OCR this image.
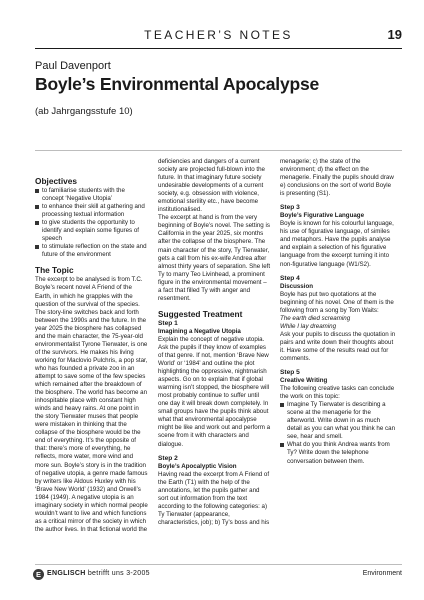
TEACHER’S NOTES	19
Paul Davenport
Boyle’s Environmental Apocalypse
(ab Jahrgangsstufe 10)
Objectives
to familiarise students with the concept ‘Negative Utopia’
to enhance their skill at gathering and processing textual information
to give students the opportunity to identify and explain some figures of speech
to stimulate reflection on the state and future of the environment
The Topic

The excerpt to be analysed is from T.C. Boyle’s recent novel A Friend of the Earth, in which he grapples with the question of the survival of the species. The story-line switches back and forth between the 1990s and the future. In the year 2025 the biosphere has collapsed and the main character, the 75-year-old environmentalist Tyrone Tierwater, is one of the survivors. He makes his living working for Maclovio Pulchris, a pop star, who has founded a private zoo in an attempt to save some of the few species which remained after the breakdown of the biosphere. The world has become an inhospitable place with constant high winds and heavy rains. At one point in the story Tierwater muses that people were mistaken in thinking that the collapse of the biosphere would be the end of everything. It’s the opposite of that: there’s more of everything, he reflects, more water, more wind and more sun. Boyle’s story is in the tradition of negative utopia, a genre made famous by writers like Aldous Huxley with his ‘Brave New World’ (1932) and Orwell’s 1984 (1949). A negative utopia is an imaginary society in which normal people wouldn’t want to live and which functions as a critical mirror of the society in which the author lives. In that fictional world the

deficiencies and dangers of a current society are projected full-blown into the future. In that imaginary future society undesirable developments of a current society, e.g. obsession with violence, emotional sterility etc., have become institutionalised.

The excerpt at hand is from the very beginning of Boyle’s novel. The setting is California in the year 2025, six months after the collapse of the biosphere. The main character of the story, Ty Tierwater, gets a call from his ex-wife Andrea after almost thirty years of separation. She left Ty to marry Teo Livinhead, a prominent figure in the environmental movement – a fact that filled Ty with anger and resentment.

Suggested Treatment
Step 1

Imagining a Negative Utopia

Explain the concept of negative utopia. Ask the pupils if they know of examples of that genre. If not, mention ‘Brave New World’ or ‘1984’ and outline the plot highlighting the oppressive, nightmarish aspects. Go on to explain that if global warming isn’t stopped, the biosphere will most probably continue to suffer until one day it will break down completely. In small groups have the pupils think about what that environmental apocalypse might be like and work out and perform a scene from it with characters and dialogue.

Step 2

Boyle’s Apocalyptic Vision

Having read the excerpt from A Friend of the Earth (T1) with the help of the annotations, let the pupils gather and sort out information from the text according to the following categories: a) Ty Tierwater (appearance, characteristics, job); b) Ty’s boss and his

menagerie; c) the state of the environment; d) the effect on the menagerie. Finally the pupils should draw e) conclusions on the sort of world Boyle is presenting (S1).

Step 3

Boyle’s Figurative Language

Boyle is known for his colourful language, his use of figurative language, of similes and metaphors. Have the pupils analyse and explain a selection of his figurative language from the excerpt turning it into non-figurative language (W1/S2).

Step 4

Discussion

Boyle has put two quotations at the beginning of his novel. One of them is the following from a song by Tom Waits:

The earth died screaming

While I lay dreaming

Ask your pupils to discuss the quotation in pairs and write down their thoughts about it. Have some of the results read out for comments.

Step 5

Creative Writing

The following creative tasks can conclude the work on this topic:

Imagine Ty Tierwater is describing a scene at the menagerie for the afterworld. Write down in as much detail as you can what you think he can see, hear and smell.
What do you think Andrea wants from Ty? Write down the telephone conversation between them.
E ENGLISCH betrifft uns 3-2005	Environment
